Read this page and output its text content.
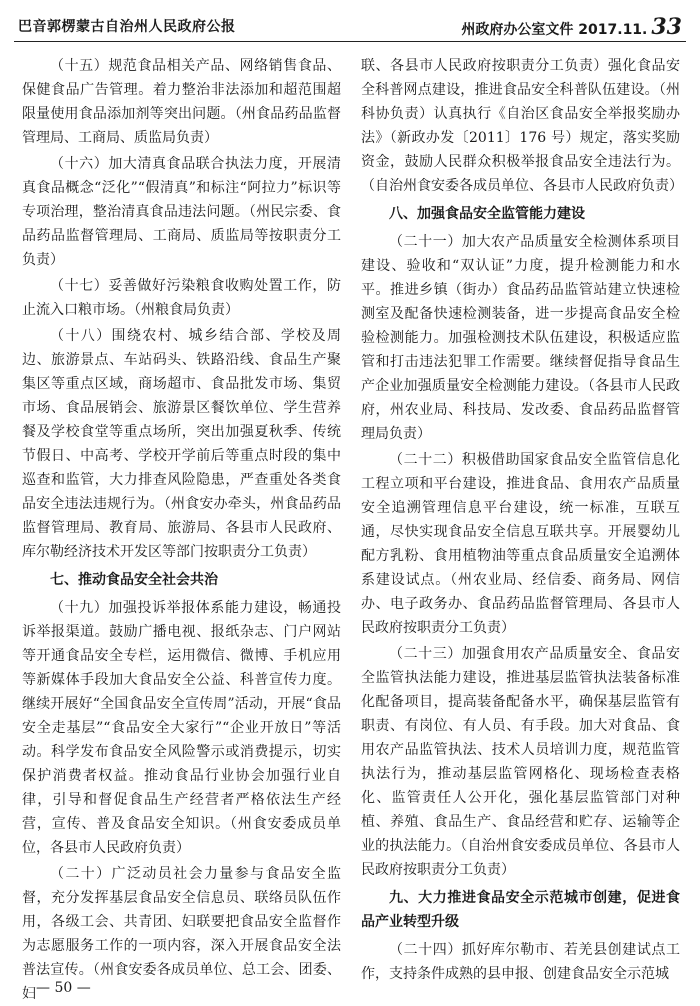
巴音郭楞蒙古自治州人民政府公报	州政府办公室文件 2017.11. 33

（十五）规范食品相关产品、网络销售食品、保健食品广告管理。着力整治非法添加和超范围超限量使用食品添加剂等突出问题。（州食品药品监督管理局、工商局、质监局负责）

（十六）加大清真食品联合执法力度，开展清真食品概念“泛化”“假清真”和标注“阿拉力”标识等专项治理，整治清真食品违法问题。（州民宗委、食品药品监督管理局、工商局、质监局等按职责分工负责）

（十七）妥善做好污染粮食收购处置工作，防止流入口粮市场。（州粮食局负责）

（十八）围绕农村、城乡结合部、学校及周边、旅游景点、车站码头、铁路沿线、食品生产聚集区等重点区域，商场超市、食品批发市场、集贸市场、食品展销会、旅游景区餐饮单位、学生营养餐及学校食堂等重点场所，突出加强夏秋季、传统节假日、中高考、学校开学前后等重点时段的集中巡查和监管，大力排查风险隐患，严查重处各类食品安全违法违规行为。（州食安办牵头，州食品药品监督管理局、教育局、旅游局、各县市人民政府、库尔勒经济技术开发区等部门按职责分工负责）

七、推动食品安全社会共治

（十九）加强投诉举报体系能力建设，畅通投诉举报渠道。鼓励广播电视、报纸杂志、门户网站等开通食品安全专栏，运用微信、微博、手机应用等新媒体手段加大食品安全公益、科普宣传力度。继续开展好“全国食品安全宣传周”活动，开展“食品安全走基层”“食品安全大家行”“企业开放日”等活动。科学发布食品安全风险警示或消费提示，切实保护消费者权益。推动食品行业协会加强行业自律，引导和督促食品生产经营者严格依法生产经营，宣传、普及食品安全知识。（州食安委成员单位，各县市人民政府负责）

（二十）广泛动员社会力量参与食品安全监督，充分发挥基层食品安全信息员、联络员队伍作用，各级工会、共青团、妇联要把食品安全监督作为志愿服务工作的一项内容，深入开展食品安全法普法宣传。（州食安委各成员单位、总工会、团委、妇

联、各县市人民政府按职责分工负责）强化食品安全科普网点建设，推进食品安全科普队伍建设。（州科协负责）认真执行《自治区食品安全举报奖励办法》（新政办发〔2011〕176 号）规定，落实奖励资金，鼓励人民群众积极举报食品安全违法行为。（自治州食安委各成员单位、各县市人民政府负责）

八、加强食品安全监管能力建设

（二十一）加大农产品质量安全检测体系项目建设、验收和“双认证”力度，提升检测能力和水平。推进乡镇（街办）食品药品监管站建立快速检测室及配备快速检测装备，进一步提高食品安全检验检测能力。加强检测技术队伍建设，积极适应监管和打击违法犯罪工作需要。继续督促指导食品生产企业加强质量安全检测能力建设。（各县市人民政府，州农业局、科技局、发改委、食品药品监督管理局负责）

（二十二）积极借助国家食品安全监管信息化工程立项和平台建设，推进食品、食用农产品质量安全追溯管理信息平台建设，统一标准，互联互通，尽快实现食品安全信息互联共享。开展婴幼儿配方乳粉、食用植物油等重点食品质量安全追溯体系建设试点。（州农业局、经信委、商务局、网信办、电子政务办、食品药品监督管理局、各县市人民政府按职责分工负责）

（二十三）加强食用农产品质量安全、食品安全监管执法能力建设，推进基层监管执法装备标准化配备项目，提高装备配备水平，确保基层监管有职责、有岗位、有人员、有手段。加大对食品、食用农产品监管执法、技术人员培训力度，规范监管执法行为，推动基层监管网格化、现场检查表格化、监管责任人公开化，强化基层监管部门对种植、养殖、食品生产、食品经营和贮存、运输等企业的执法能力。（自治州食安委成员单位、各县市人民政府按职责分工负责）

九、大力推进食品安全示范城市创建，促进食品产业转型升级

（二十四）抓好库尔勒市、若羌县创建试点工作，支持条件成熟的县申报、创建食品安全示范城

— 50 —
